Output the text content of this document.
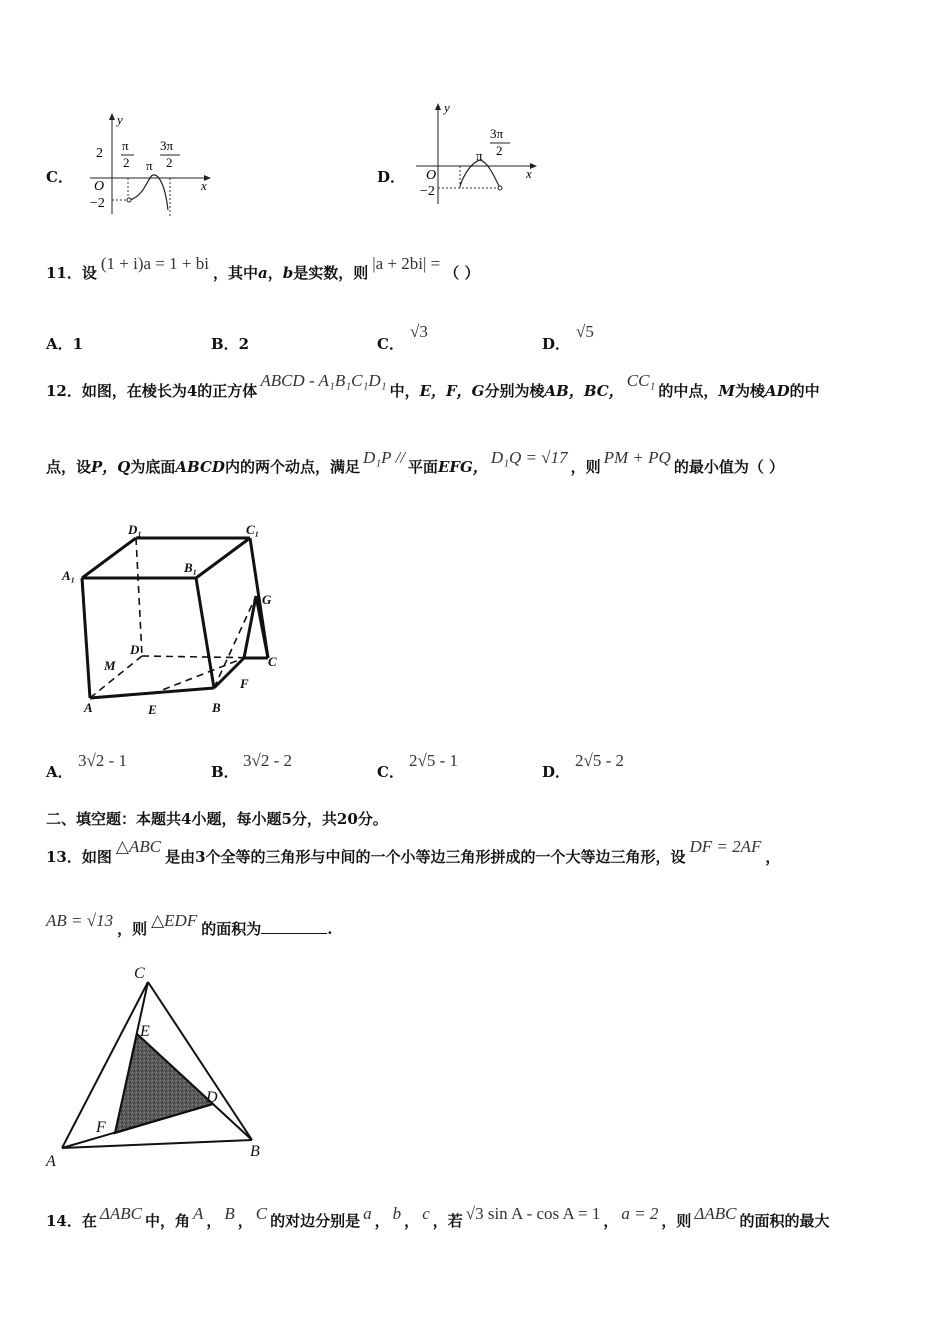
C．
y
x
O
2
−2
π
2 π
3π
2
D．
y
x
O
−2
π
3π
2
11．设 (1 + i)a = 1 + bi ，其中a，b是实数，则 |a + 2bi| = （ ）
A．1	B．2	C．
√3
D．
√5
12．如图，在棱长为4的正方体ABCD - A₁B₁C₁D₁中，E，F，G分别为棱AB，BC，CC₁的中点，M为棱AD的中
点，设P，Q为底面ABCD内的两个动点，满足 D₁P // 平面EFG， D₁Q = √17 ，则 PM + PQ 的最小值为（ ）
D₁	C₁
A₁
B₁
G
D
C
M
F
A	E	B
A．
3√2 - 1
B．
3√2 - 2
C．
2√5 - 1
D．
2√5 - 2
二、填空题：本题共4小题，每小题5分，共20分。
13．如图△ABC是由3个全等的三角形与中间的一个小等边三角形拼成的一个大等边三角形，设DF = 2AF，
AB = √13 ，则 △EDF 的面积为	.
C
E
D
F
A
B
14．在 ΔABC 中，角 A ， B ， C 的对边分别是 a ， b ， c ，若 √3 sin A - cos A = 1 ， a = 2 ，则 ΔABC 的面积的最大
